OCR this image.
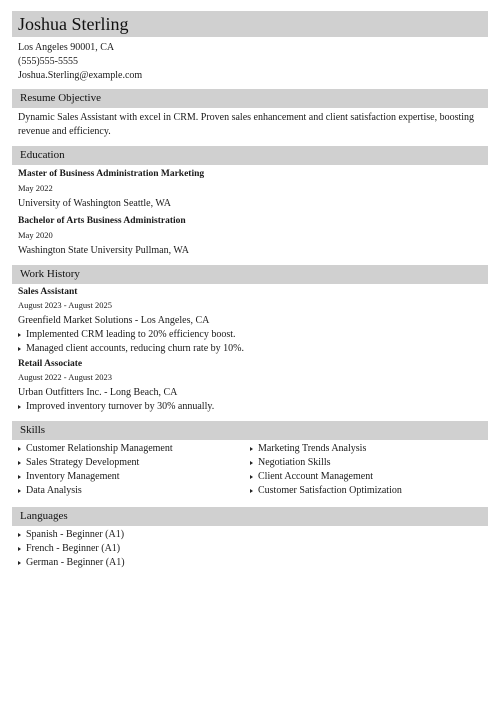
Joshua Sterling
Los Angeles 90001, CA
(555)555-5555
Joshua.Sterling@example.com
Resume Objective
Dynamic Sales Assistant with excel in CRM. Proven sales enhancement and client satisfaction expertise, boosting revenue and efficiency.
Education
Master of Business Administration Marketing
May 2022
University of Washington Seattle, WA
Bachelor of Arts Business Administration
May 2020
Washington State University Pullman, WA
Work History
Sales Assistant
August 2023 - August 2025
Greenfield Market Solutions - Los Angeles, CA
Implemented CRM leading to 20% efficiency boost.
Managed client accounts, reducing churn rate by 10%.
Retail Associate
August 2022 - August 2023
Urban Outfitters Inc. - Long Beach, CA
Improved inventory turnover by 30% annually.
Skills
Customer Relationship Management
Sales Strategy Development
Inventory Management
Data Analysis
Marketing Trends Analysis
Negotiation Skills
Client Account Management
Customer Satisfaction Optimization
Languages
Spanish - Beginner (A1)
French - Beginner (A1)
German - Beginner (A1)
